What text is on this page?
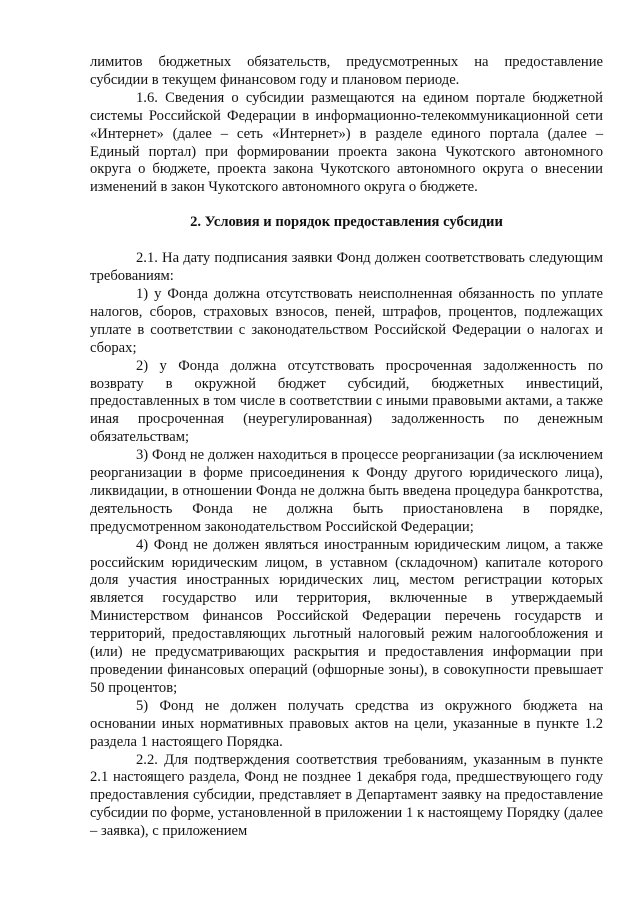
лимитов бюджетных обязательств, предусмотренных на предоставление субсидии в текущем финансовом году и плановом периоде.

1.6. Сведения о субсидии размещаются на едином портале бюджетной системы Российской Федерации в информационно-телекоммуникационной сети «Интернет» (далее – сеть «Интернет») в разделе единого портала (далее – Единый портал) при формировании проекта закона Чукотского автономного округа о бюджете, проекта закона Чукотского автономного округа о внесении изменений в закон Чукотского автономного округа о бюджете.

2. Условия и порядок предоставления субсидии

2.1. На дату подписания заявки Фонд должен соответствовать следующим требованиям:

1) у Фонда должна отсутствовать неисполненная обязанность по уплате налогов, сборов, страховых взносов, пеней, штрафов, процентов, подлежащих уплате в соответствии с законодательством Российской Федерации о налогах и сборах;

2) у Фонда должна отсутствовать просроченная задолженность по возврату в окружной бюджет субсидий, бюджетных инвестиций, предоставленных в том числе в соответствии с иными правовыми актами, а также иная просроченная (неурегулированная) задолженность по денежным обязательствам;

3) Фонд не должен находиться в процессе реорганизации (за исключением реорганизации в форме присоединения к Фонду другого юридического лица), ликвидации, в отношении Фонда не должна быть введена процедура банкротства, деятельность Фонда не должна быть приостановлена в порядке, предусмотренном законодательством Российской Федерации;

4) Фонд не должен являться иностранным юридическим лицом, а также российским юридическим лицом, в уставном (складочном) капитале которого доля участия иностранных юридических лиц, местом регистрации которых является государство или территория, включенные в утверждаемый Министерством финансов Российской Федерации перечень государств и территорий, предоставляющих льготный налоговый режим налогообложения и (или) не предусматривающих раскрытия и предоставления информации при проведении финансовых операций (офшорные зоны), в совокупности превышает 50 процентов;

5) Фонд не должен получать средства из окружного бюджета на основании иных нормативных правовых актов на цели, указанные в пункте 1.2 раздела 1 настоящего Порядка.

2.2. Для подтверждения соответствия требованиям, указанным в пункте 2.1 настоящего раздела, Фонд не позднее 1 декабря года, предшествующего году предоставления субсидии, представляет в Департамент заявку на предоставление субсидии по форме, установленной в приложении 1 к настоящему Порядку (далее – заявка), с приложением
